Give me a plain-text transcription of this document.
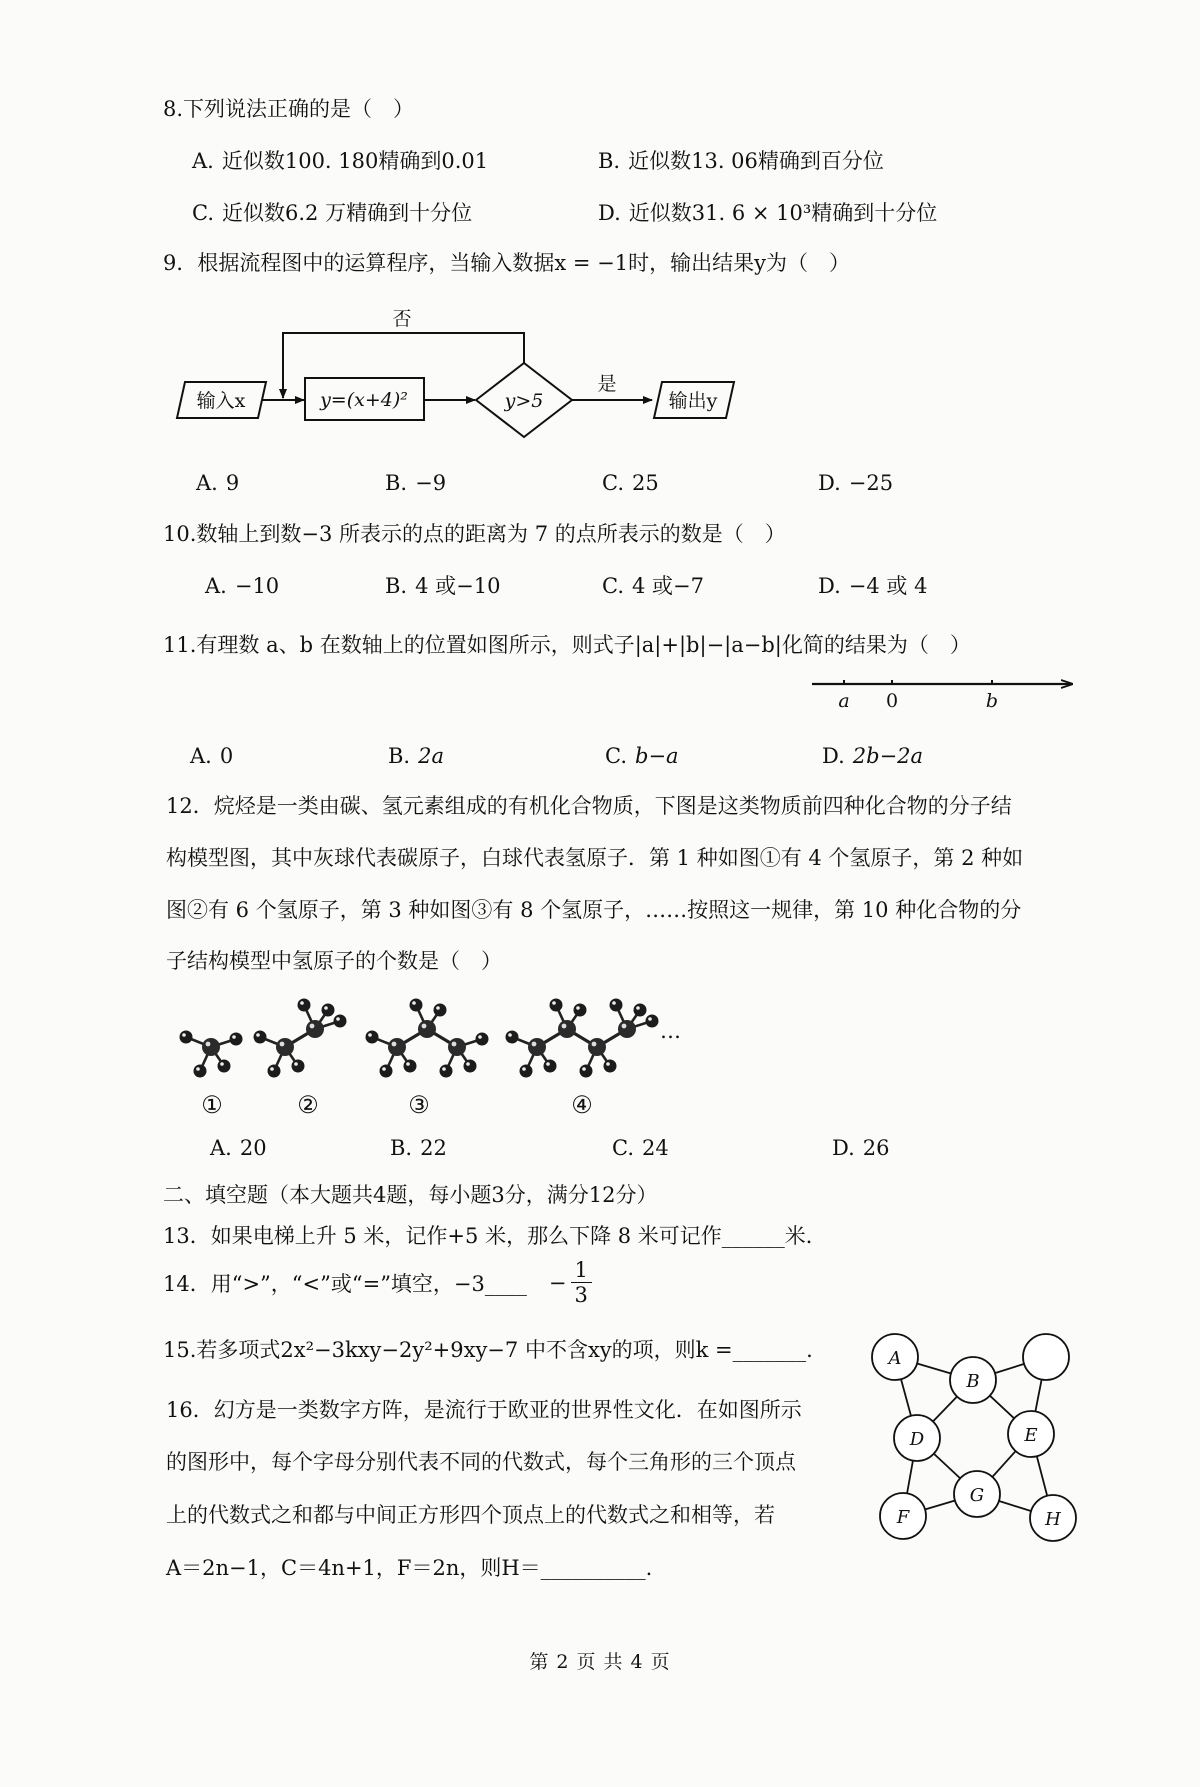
8.下列说法正确的是（　）
A. 近似数100. 180精确到0.01	B. 近似数13. 06精确到百分位
C. 近似数6.2 万精确到十分位	D. 近似数31. 6 × 10³精确到十分位
9．根据流程图中的运算程序，当输入数据x = −1时，输出结果y为（　）
输入x	y=(x+4)²	y>5
是
输出y
否
A. 9	B. −9	C. 25	D. −25
10.数轴上到数−3 所表示的点的距离为 7 的点所表示的数是（　）
A. −10	B. 4 或−10	C. 4 或−7	D. −4 或 4
11.有理数 a、b 在数轴上的位置如图所示，则式子|a|+|b|−|a−b|化简的结果为（　）
a 0	b
A. 0	B. 2a	C. b−a	D. 2b−2a
12．烷烃是一类由碳、氢元素组成的有机化合物质，下图是这类物质前四种化合物的分子结
构模型图，其中灰球代表碳原子，白球代表氢原子．第 1 种如图①有 4 个氢原子，第 2 种如
图②有 6 个氢原子，第 3 种如图③有 8 个氢原子，……按照这一规律，第 10 种化合物的分
子结构模型中氢原子的个数是（　）
…
①	②	③	④
A. 20	B. 22	C. 24	D. 26
二、填空题（本大题共4题，每小题3分，满分12分）
13．如果电梯上升 5 米，记作+5 米，那么下降 8 米可记作______米．
14．用“>”，“<”或“=”填空，−3____ − $\frac{1}{3}$
15.若多项式2x²−3kxy−2y²+9xy−7 中不含xy的项，则k =_______.
16．幻方是一类数字方阵，是流行于欧亚的世界性文化．在如图所示
的图形中，每个字母分别代表不同的代数式，每个三角形的三个顶点
上的代数式之和都与中间正方形四个顶点上的代数式之和相等，若
A＝2n−1，C＝4n+1，F＝2n，则H＝__________.
A
B
D	E
F
G
H
第 2 页 共 4 页
